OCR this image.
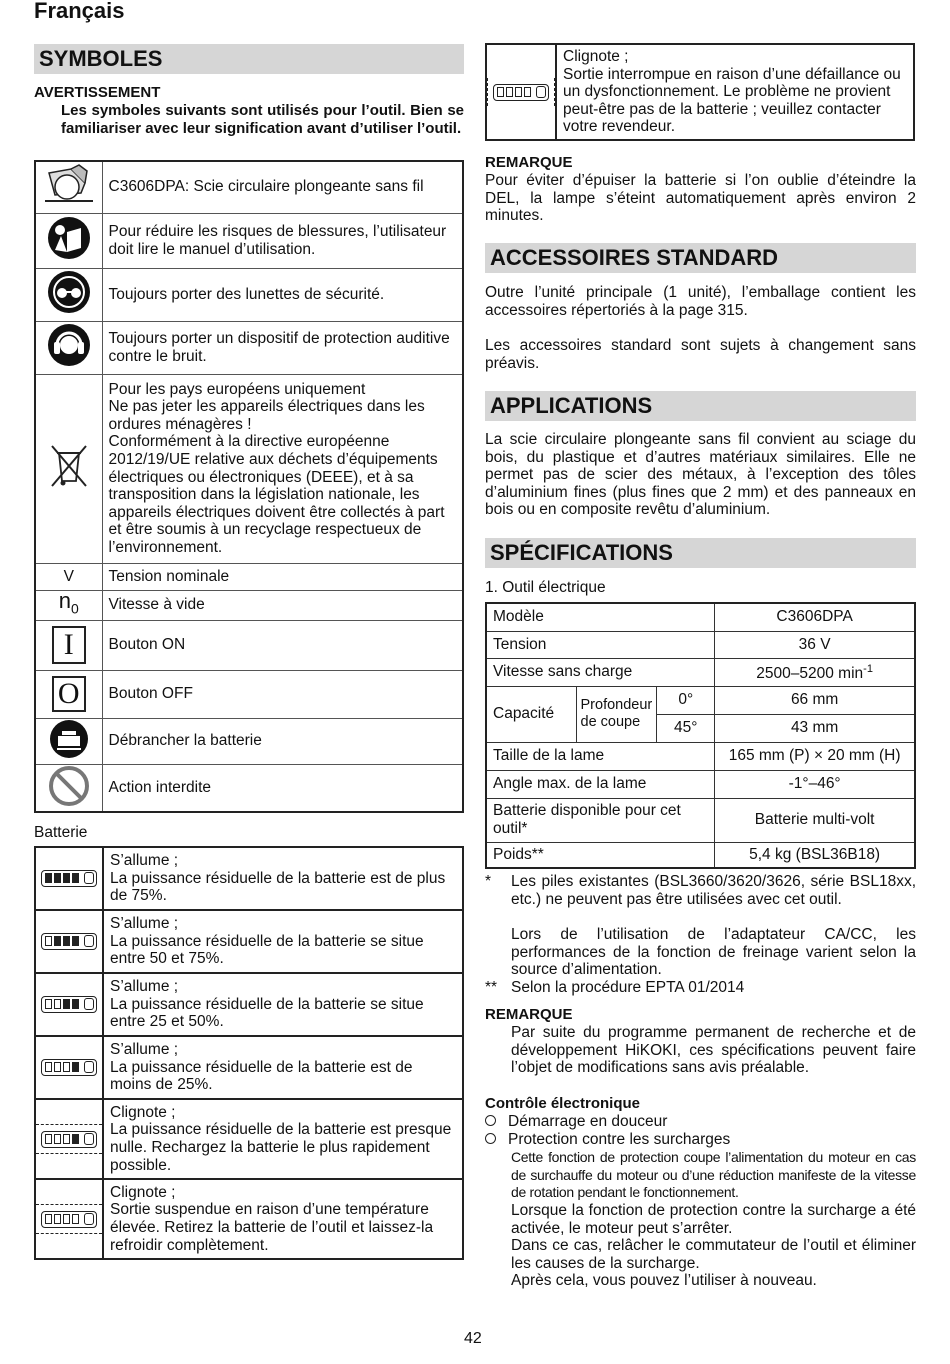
Français
SYMBOLES
AVERTISSEMENT

Les symboles suivants sont utilisés pour l’outil. Bien se familiariser avec leur signification avant d’utiliser l’outil.

	C3606DPA: Scie circulaire plongeante sans fil
	Pour réduire les risques de blessures, l’utilisateur doit lire le manuel d’utilisation.
	Toujours porter des lunettes de sécurité.
	Toujours porter un dispositif de protection auditive contre le bruit.

Pour les pays européens uniquement
Ne pas jeter les appareils électriques dans les ordures ménagères !
Conformément à la directive européenne 2012/19/UE relative aux déchets d’équipements électriques ou électroniques (DEEE), et à sa transposition dans la législation nationale, les appareils électriques doivent être collectés à part et être soumis à un recyclage respectueux de l’environnement.

V	Tension nominale
$n_0$	Vitesse à vide
I	Bouton ON
O	Bouton OFF
	Débrancher la batterie
	Action interdite
Batterie

	S’allume ;
La puissance résiduelle de la batterie est de plus de 75%.

	S’allume ;
La puissance résiduelle de la batterie se situe entre 50 et 75%.

	S’allume ;
La puissance résiduelle de la batterie se situe entre 25 et 50%.

	S’allume ;
La puissance résiduelle de la batterie est de moins de 25%.

	Clignote ;
La puissance résiduelle de la batterie est presque nulle. Rechargez la batterie le plus rapidement possible.

	Clignote ;
Sortie suspendue en raison d’une température élevée. Retirez la batterie de l’outil et laissez-la refroidir complètement.

Clignote ;
Sortie interrompue en raison d’une défaillance ou un dysfonctionnement. Le problème ne provient peut-être pas de la batterie ; veuillez contacter votre revendeur.
REMARQUE

Pour éviter d’épuiser la batterie si l’on oublie d’éteindre la DEL, la lampe s’éteint automatiquement après environ 2 minutes.

ACCESSOIRES STANDARD

Outre l’unité principale (1 unité), l’emballage contient les accessoires répertoriés à la page 315.

Les accessoires standard sont sujets à changement sans préavis.

APPLICATIONS

La scie circulaire plongeante sans fil convient au sciage du bois, du plastique et d’autres matériaux similaires. Elle ne permet pas de scier des métaux, à l’exception des tôles d’aluminium fines (plus fines que 2 mm) et des panneaux en bois ou en composite revêtu d’aluminium.

SPÉCIFICATIONS
1. Outil électrique
Modèle			C3606DPA
Tension			36 V
Vitesse sans charge			2500–5200 $\min^{-1}$
Capacité	Profondeur de coupe	0°	66 mm
		45°	43 mm
Taille de la lame			165 mm (P) × 20 mm (H)
Angle max. de la lame			-1°–46°
Batterie disponible pour cet outil*			Batterie multi-volt
Poids**			5,4 kg (BSL36B18)
* Les piles existantes (BSL3660/3620/3626, série BSL18xx, etc.) ne peuvent pas être utilisées avec cet outil.

Lors de l’utilisation de l’adaptateur CA/CC, les performances de la fonction de freinage varient selon la source d’alimentation.

** Selon la procédure EPTA 01/2014

REMARQUE

Par suite du programme permanent de recherche et de développement HiKOKI, ces spécifications peuvent faire l’objet de modifications sans avis préalable.

Contrôle électronique
Démarrage en douceur
Protection contre les surcharges

Cette fonction de protection coupe l’alimentation du moteur en cas de surchauffe du moteur ou d’une réduction manifeste de la vitesse de rotation pendant le fonctionnement.

Lorsque la fonction de protection contre la surcharge a été activée, le moteur peut s’arrêter.

Dans ce cas, relâcher le commutateur de l’outil et éliminer les causes de la surcharge.

Après cela, vous pouvez l’utiliser à nouveau.

42
